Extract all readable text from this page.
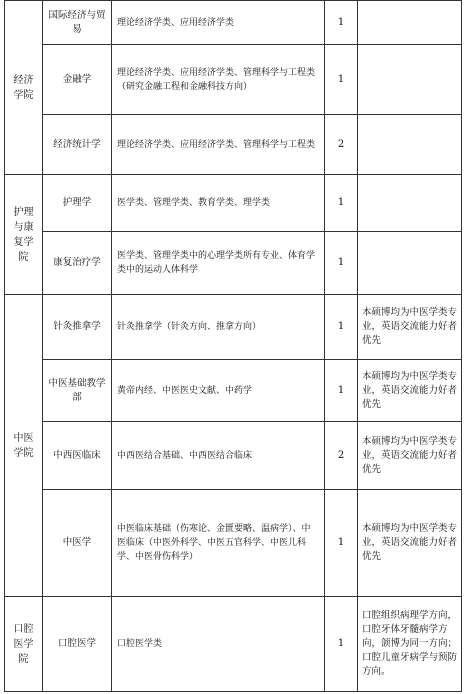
经济学院	国际经济与贸易	理论经济学类、应用经济学类	1	
	金融学	理论经济学类、应用经济学类、管理科学与工程类（研究金融工程和金融科技方向）	1	
	经济统计学	理论经济学类、应用经济学类、管理科学与工程类	2	
护理与康复学院	护理学	医学类、管理学类、教育学类、理学类	1	
	康复治疗学	医学类、管理学类中的心理学类所有专业、体育学类中的运动人体科学	1	
中医学院	针灸推拿学	针灸推拿学（针灸方向、推拿方向）	1	本硕博均为中医学类专业，英语交流能力好者优先
	中医基础教学部	黄帝内经、中医医史文献、中药学	1	本硕博均为中医学类专业，英语交流能力好者优先
	中西医临床	中西医结合基础、中西医结合临床	2	本硕博均为中医学类专业，英语交流能力好者优先
	中医学	中医临床基础（伤寒论、金匮要略、温病学）、中医临床（中医外科学、中医五官科学、中医儿科学、中医骨伤科学）	1	本硕博均为中医学类专业，英语交流能力好者优先
口腔医学院	口腔医学	口腔医学类	1	口腔组织病理学方向，口腔牙体牙髓病学方向，颌博为同一方向；口腔儿童牙病学与预防方向。
